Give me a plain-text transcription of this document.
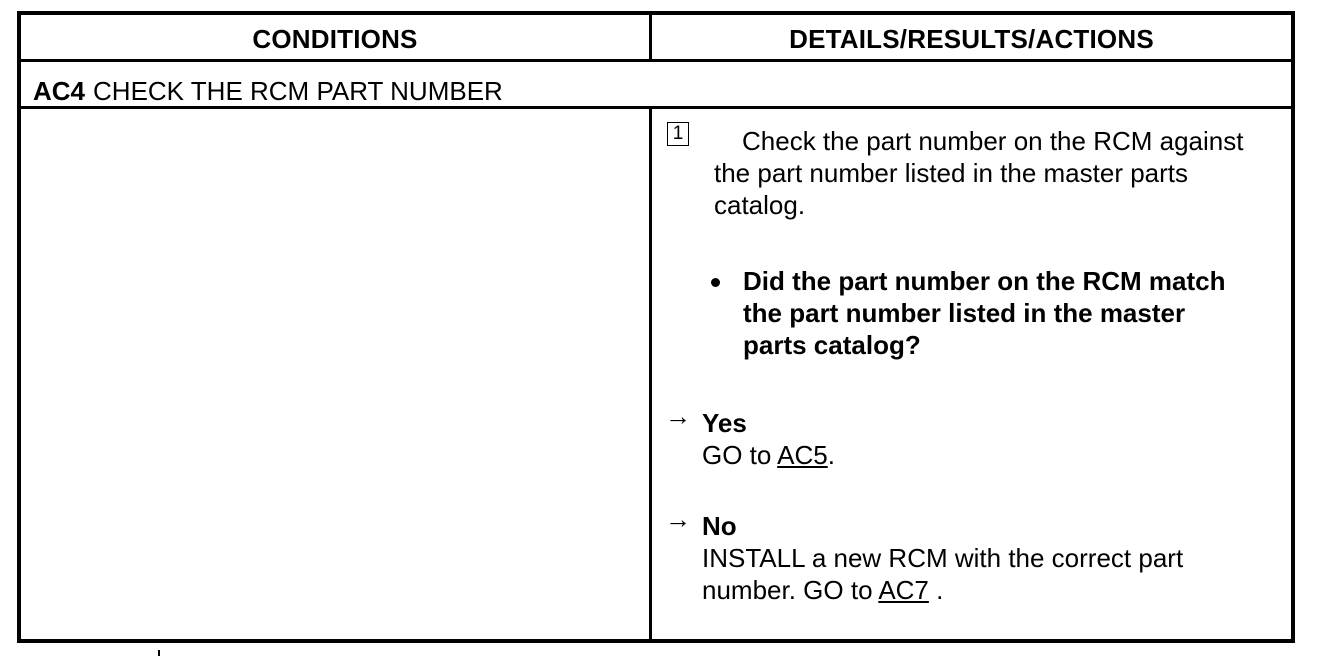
CONDITIONS	DETAILS/RESULTS/ACTIONS
AC4 CHECK THE RCM PART NUMBER
1	Check the part number on the RCM against
the part number listed in the master parts
catalog.
Did the part number on the RCM match
the part number listed in the master
parts catalog?
→ Yes
GO to AC5.
→ No
INSTALL a new RCM with the correct part
number. GO to AC7 .
